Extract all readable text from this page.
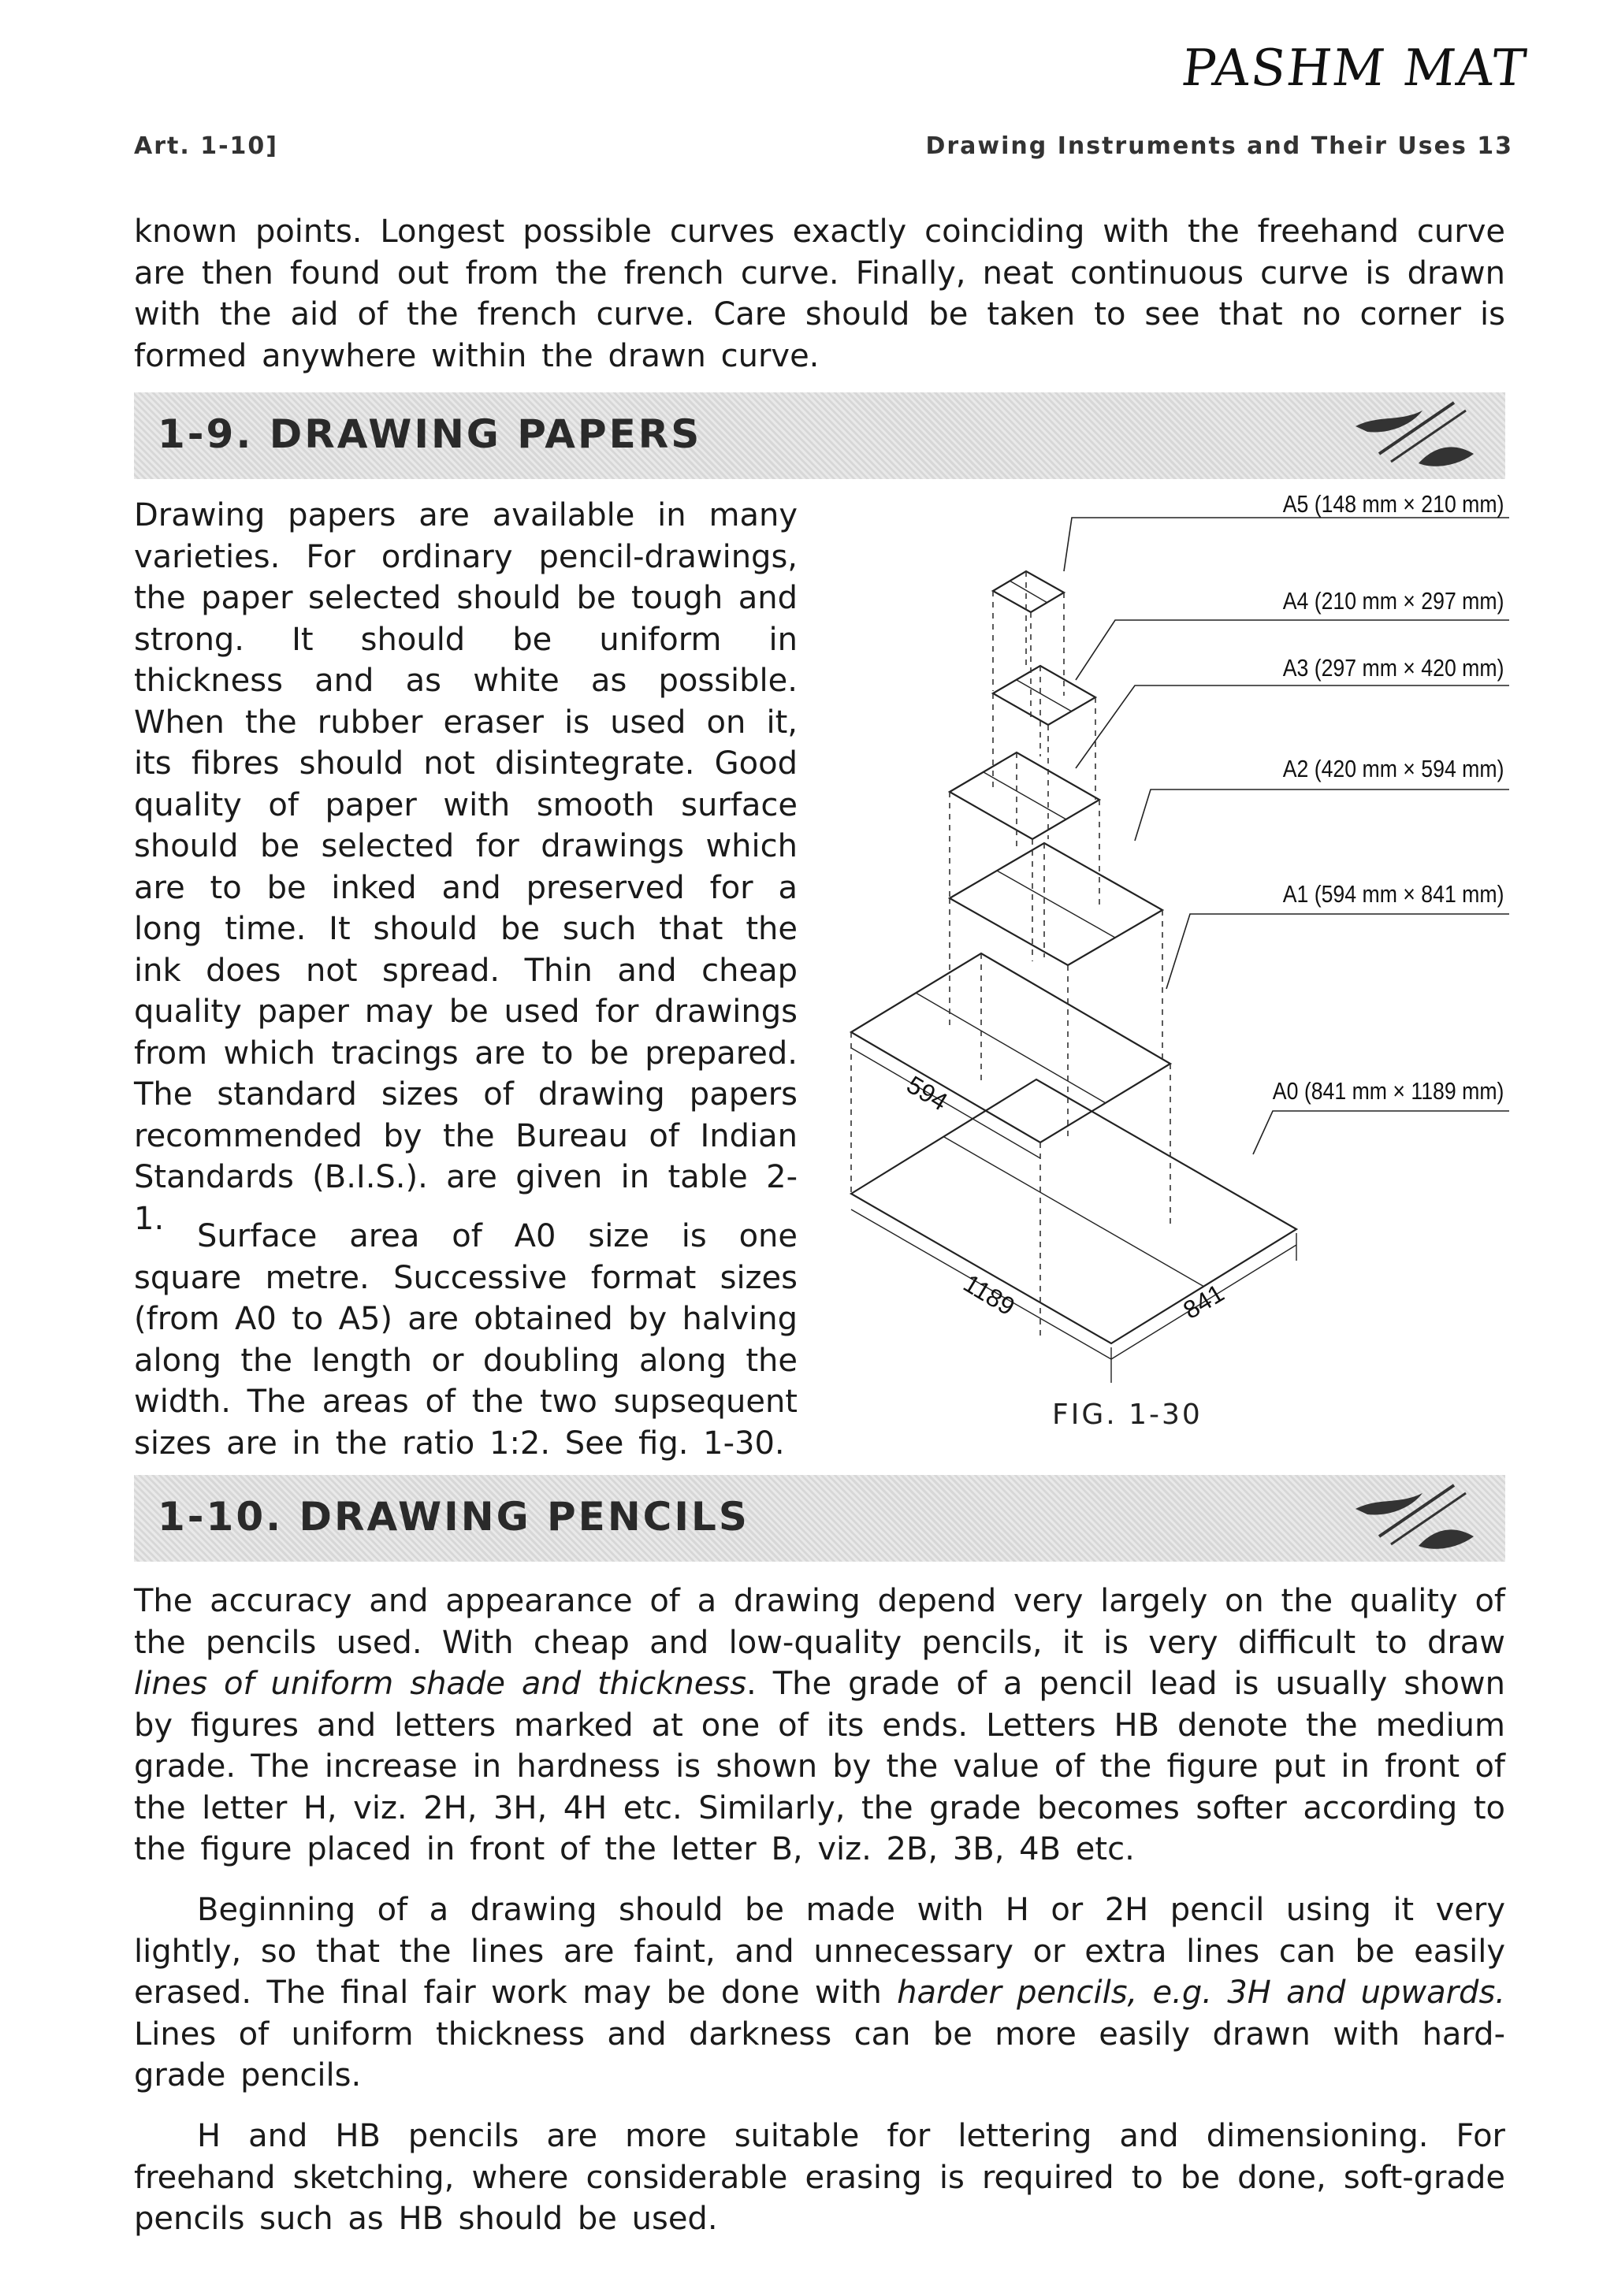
PASHM MAT
Art. 1-10]	Drawing Instruments and Their Uses 13

known points. Longest possible curves exactly coinciding with the freehand curve are then found out from the french curve. Finally, neat continuous curve is drawn with the aid of the french curve. Care should be taken to see that no corner is formed anywhere within the drawn curve.

1-9. DRAWING PAPERS

Drawing papers are available in many varieties. For ordinary pencil-drawings, the paper selected should be tough and strong. It should be uniform in thickness and as white as possible. When the rubber eraser is used on it, its fibres should not disintegrate. Good quality of paper with smooth surface should be selected for drawings which are to be inked and preserved for a long time. It should be such that the ink does not spread. Thin and cheap quality paper may be used for drawings from which tracings are to be prepared. The standard sizes of drawing papers recommended by the Bureau of Indian Standards (B.I.S.). are given in table 2-1.	Surface area of A0 size is one square metre. Successive format sizes (from A0 to A5) are obtained by halving along the length or doubling along the width. The areas of the two supsequent sizes are in the ratio 1:2. See fig. 1-30.

594
1189	841
A5 (148 mm × 210 mm)
A4 (210 mm × 297 mm)
A3 (297 mm × 420 mm)
A2 (420 mm × 594 mm)
A1 (594 mm × 841 mm)
A0 (841 mm × 1189 mm)
FIG. 1-30
1-10. DRAWING PENCILS

The accuracy and appearance of a drawing depend very largely on the quality of the pencils used. With cheap and low-quality pencils, it is very difficult to draw lines of uniform shade and thickness. The grade of a pencil lead is usually shown by figures and letters marked at one of its ends. Letters HB denote the medium grade. The increase in hardness is shown by the value of the figure put in front of the letter H, viz. 2H, 3H, 4H etc. Similarly, the grade becomes softer according to the figure placed in front of the letter B, viz. 2B, 3B, 4B etc.

Beginning of a drawing should be made with H or 2H pencil using it very lightly, so that the lines are faint, and unnecessary or extra lines can be easily erased. The final fair work may be done with harder pencils, e.g. 3H and upwards. Lines of uniform thickness and darkness can be more easily drawn with hard-grade pencils.

H and HB pencils are more suitable for lettering and dimensioning. For freehand sketching, where considerable erasing is required to be done, soft-grade pencils such as HB should be used.
